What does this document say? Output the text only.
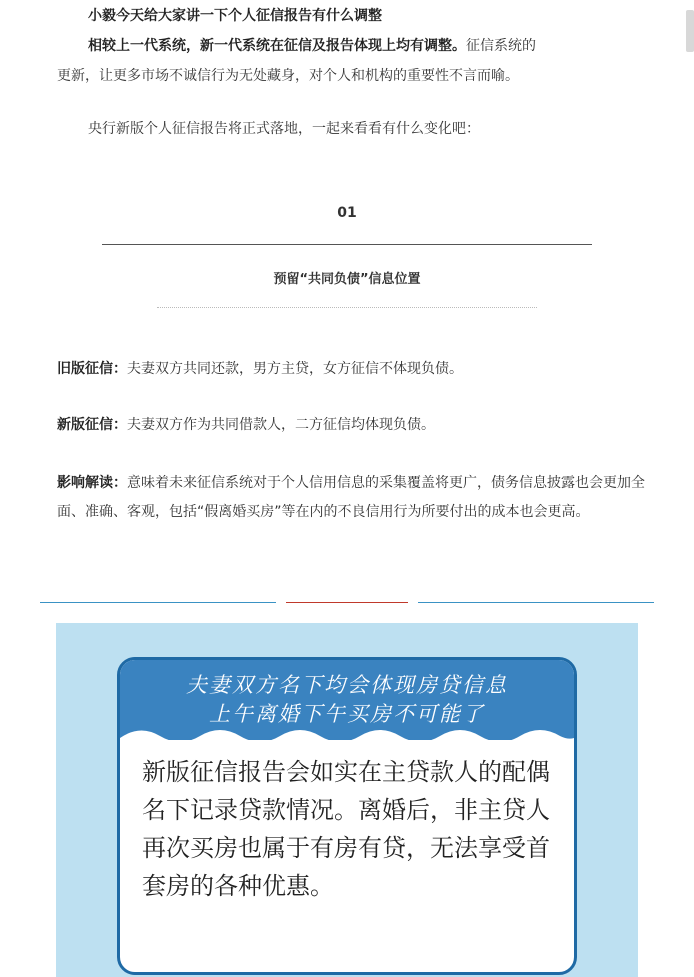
小毅今天给大家讲一下个人征信报告有什么调整
相较上一代系统，新一代系统在征信及报告体现上均有调整。征信系统的
更新，让更多市场不诚信行为无处藏身，对个人和机构的重要性不言而喻。
央行新版个人征信报告将正式落地，一起来看看有什么变化吧：
01
预留“共同负债”信息位置
旧版征信：夫妻双方共同还款，男方主贷，女方征信不体现负债。
新版征信：夫妻双方作为共同借款人，二方征信均体现负债。
影响解读：意味着未来征信系统对于个人信用信息的采集覆盖将更广，债务信息披露也会更加全面、准确、客观，包括“假离婚买房”等在内的不良信用行为所要付出的成本也会更高。
夫妻双方名下均会体现房贷信息
上午离婚下午买房不可能了

新版征信报告会如实在主贷款人的配偶名下记录贷款情况。离婚后，非主贷人再次买房也属于有房有贷，无法享受首套房的各种优惠。
